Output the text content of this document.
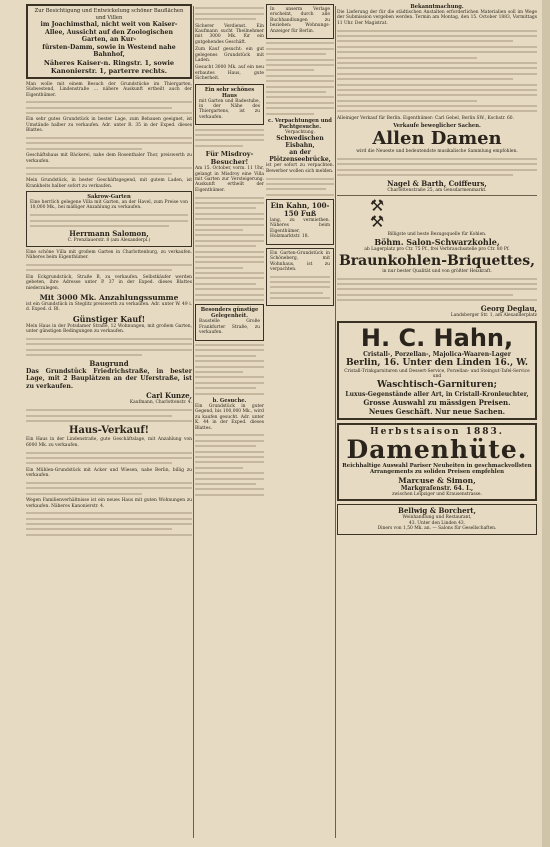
Zur Besichtigung und Entwickelung schöner Bauflächen und Villen
im Joachimsthal, nicht weit von Kaiser-Allee, Aussicht auf den Zoologischen Garten, an Kur-
fürsten-Damm, sowie in Westend nahe Bahnhof,
Näheres Kaiser-n. Ringstr. 1, sowie Kanonierstr. 1, parterre rechts.
Man wolle mit einem Besuch der Grundstücke im Thiergarten, Südwestend, Lindenstraße ... nähere Auskunft ertheilt auch der Eigenthümer.
Ein sehr gutes Grundstück in bester Lage, zum Bebauen geeignet, ist Umstände halber zu verkaufen. Adr. unter R. 35 in der Exped. dieses Blattes.
Geschäftshaus mit Bäckerei, nahe dem Rosenthaler Thor, preiswerth zu verkaufen.
Mein Grundstück, in bester Geschäftsgegend, mit gutem Laden, ist Krankheits halber sofort zu verkaufen.
Sakrow-Garten
Eine herrlich gelegene Villa mit Garten, an der Havel, zum Preise von 18,000 Mk., bei mäßiger Anzahlung zu verkaufen.
Herrmann Salomon,
C. Prenzlauerstr. 8 (am Alexanderpl.)
Eine schöne Villa mit großem Garten in Charlottenburg, zu verkaufen. Näheres beim Eigenthümer.
Ein Eckgrundstück, Straße B, zu verkaufen. Selbstkäufer werden gebeten, ihre Adresse unter P. 37 in der Exped. dieses Blattes niederzulegen.
Mit 3000 Mk. Anzahlungssumme
ist ein Grundstück in Steglitz preiswerth zu verkaufen. Adr. unter W. 49 i. d. Exped. d. Bl.
Günstiger Kauf!
Mein Haus in der Potsdamer Straße, 12 Wohnungen, mit großem Garten, unter günstigen Bedingungen zu verkaufen.
Baugrund
Das Grundstück Friedrichstraße, in bester Lage, mit 2 Bauplätzen an der Uferstraße, ist zu verkaufen.
Carl Kunze,
Kaufmann, Charlottenstr. 4.
Haus-Verkauf!
Ein Haus in der Lindenstraße, gute Geschäftslage, mit Anzahlung von 6000 Mk. zu verkaufen.
Ein Mühlen-Grundstück mit Acker und Wiesen, nahe Berlin, billig zu verkaufen.
Wegen Familienverhältnisse ist ein neues Haus mit guten Wohnungen zu verkaufen. Näheres Kanonierstr. 4.
Sicherer Verdienst. Ein Kaufmann sucht Theilnehmer mit 3000 Mk. für ein gutgehendes Geschäft.
Zum Kauf gesucht: ein gut gelegenes Grundstück mit Laden.
Gesucht 3000 Mk. auf ein neu erbautes Haus, gute Sicherheit.
Ein sehr schönes Haus
mit Garten und Badestube, in der Nähe des Thiergartens, ist zu verkaufen.
Für Misdroy-Besucher!
Am 15. October, vorm. 11 Uhr, gelangt in Misdroy eine Villa mit Garten zur Versteigerung. Auskunft ertheilt der Eigenthümer.
Besonders günstige Gelegenheit.
Baustelle Große Frankfurter Straße, zu verkaufen.
b. Gesuche.
Ein Grundstück in guter Gegend, bis 100,000 Mk., wird zu kaufen gesucht. Adr. unter K. 44 in der Exped. dieses Blattes.
In unserm Verlage erscheint, durch alle Buchhandlungen zu beziehen: Wohnungs-Anzeiger für Berlin.
c. Verpachtungen und Pachtgesuche.
Verpachtung.
Schwedischen Eisbahn,
an der Plötzenseebrücke,
ist per sofort zu verpachten. Bewerber wollen sich melden.
Ein Kahn, 100-150 Fuß
lang, zu vermiethen. Näheres beim Eigenthümer, Holzmarktstr. 18.
Ein Garten-Grundstück in Schöneberg, mit Wohnhaus, ist zu verpachten.
Bekanntmachung.
Die Lieferung der für die städtischen Anstalten erforderlichen Materialien soll im Wege der Submission vergeben werden. Termin am Montag, den 15. October 1883, Vormittags 11 Uhr. Der Magistrat.
Alleiniger Verkauf für Berlin. Eigenthümer: Carl Gebel, Berlin SW., Kochstr. 60.
Verkaufe beweglicher Sachen.
Allen Damen
wird die Neueste und bedeutendste musikalische Sammlung empfohlen.
Nagel & Barth, Coiffeurs,
Charlottenstraße 25, am Gensdarmenmarkt.
⚒ ⚒
Billigste und beste Bezugsquelle für Kohlen.
Böhm. Salon-Schwarzkohle,
ab Lagerplatz pro Ctr. 75 Pf., frei Verbrauchsstelle pro Ctr. 80 Pf.
Braunkohlen-Briquettes,
in nur bester Qualität und von größter Heizkraft.
Georg Deglau,
Landsberger Str. 1, am Alexanderplatz
H. C. Hahn,
Cristall-, Porzellan-, Majolica-Waaren-Lager
Berlin, 16. Unter den Linden 16., W.
Cristall-Trinkgarnituren und Dessert-Service, Porzellan- und Steingut-Tafel-Service und
Waschtisch-Garnituren;
Luxus-Gegenstände aller Art, in Cristall-Kronleuchter,
Grosse Auswahl zu mässigen Preisen.
Neues Geschäft. Nur neue Sachen.
Herbstsaison 1883.
Damenhüte.
Reichhaltige Auswahl Pariser Neuheiten in geschmackvollsten Arrangements zu soliden Preisen empfehlen
Marcuse & Simon,
Markgrafenstr. 64. I.,
zwischen Leipziger und Krausenstrasse.
Bellwig & Borchert,
Weinhandlung und Restaurant,
43. Unter den Linden 43.
Diners von 1,50 Mk. an. — Salons für Gesellschaften.
